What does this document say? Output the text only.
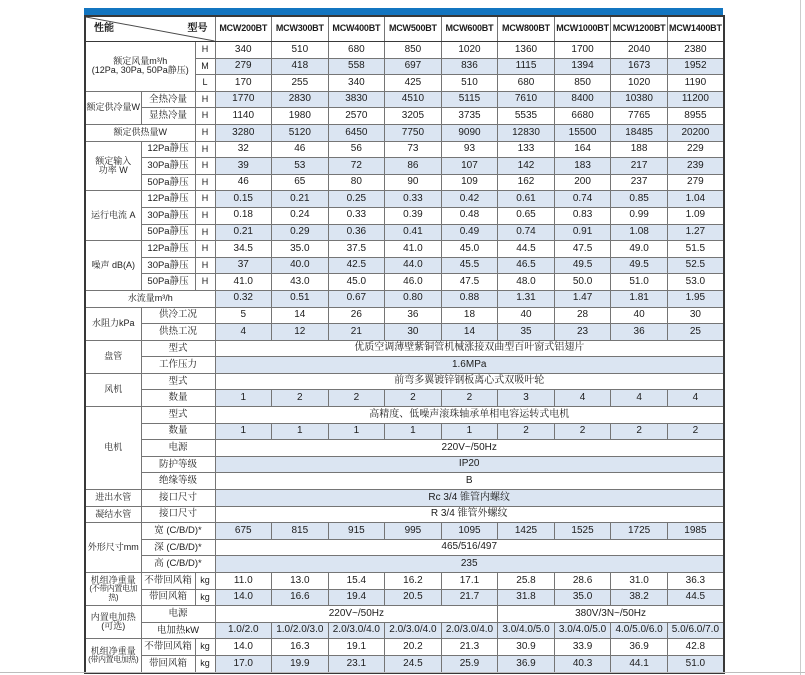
性能 型号			MCW200BT	MCW300BT	MCW400BT	MCW500BT	MCW600BT	MCW800BT	MCW1000BT	MCW1200BT	MCW1400BT

额定风量m³/h
(12Pa, 30Pa, 50Pa静压)		H	340	510	680	850	1020	1360	1700	2040	2380
		M	279	418	558	697	836	1115	1394	1673	1952
		L	170	255	340	425	510	680	850	1020	1190

额定供冷量W	全热冷量	H	1770	2830	3830	4510	5115	7610	8400	10380	11200
	显热冷量	H	1140	1980	2570	3205	3735	5535	6680	7765	8955

额定供热量W		H	3280	5120	6450	7750	9090	12830	15500	18485	20200

额定输入
功率 W	12Pa静压	H	32	46	56	73	93	133	164	188	229
	30Pa静压	H	39	53	72	86	107	142	183	217	239
	50Pa静压	H	46	65	80	90	109	162	200	237	279

运行电流 A	12Pa静压	H	0.15	0.21	0.25	0.33	0.42	0.61	0.74	0.85	1.04
	30Pa静压	H	0.18	0.24	0.33	0.39	0.48	0.65	0.83	0.99	1.09
	50Pa静压	H	0.21	0.29	0.36	0.41	0.49	0.74	0.91	1.08	1.27

噪声 dB(A)	12Pa静压	H	34.5	35.0	37.5	41.0	45.0	44.5	47.5	49.0	51.5
	30Pa静压	H	37	40.0	42.5	44.0	45.5	46.5	49.5	49.5	52.5
	50Pa静压	H	41.0	43.0	45.0	46.0	47.5	48.0	50.0	51.0	53.0

水流量m³/h			0.32	0.51	0.67	0.80	0.88	1.31	1.47	1.81	1.95

水阻力kPa	供冷工况		5	14	26	36	18	40	28	40	30
	供热工况		4	12	21	30	14	35	23	36	25

盘管	型式		优质空调薄壁紫铜管机械涨接双曲型百叶窗式铝翅片								
	工作压力		1.6MPa								

风机	型式		前弯多翼镀锌钢板离心式双吸叶轮								
	数量		1	2	2	2	2	3	4	4	4

电机	型式		高精度、低噪声滚珠轴承单相电容运转式电机								
	数量		1	1	1	1	1	2	2	2	2
	电源		220V~/50Hz								
	防护等级		IP20								
	绝缘等级		B								

进出水管	接口尺寸		Rc 3/4 锥管内螺纹								

凝结水管	接口尺寸		R 3/4 锥管外螺纹								

外形尺寸mm	宽 (C/B/D)*		675	815	915	995	1095	1425	1525	1725	1985
	深 (C/B/D)*		465/516/497								
	高 (C/B/D)*		235								

机组净重量
(不带内置电加热)	不带回风箱	kg	11.0	13.0	15.4	16.2	17.1	25.8	28.6	31.0	36.3
	带回风箱	kg	14.0	16.6	19.4	20.5	21.7	31.8	35.0	38.2	44.5

内置电加热
(可选)	电源		220V~/50Hz					380V/3N~/50Hz			
	电加热kW		1.0/2.0	1.0/2.0/3.0	2.0/3.0/4.0	2.0/3.0/4.0	2.0/3.0/4.0	3.0/4.0/5.0	3.0/4.0/5.0	4.0/5.0/6.0	5.0/6.0/7.0

机组净重量
(带内置电加热)	不带回风箱	kg	14.0	16.3	19.1	20.2	21.3	30.9	33.9	36.9	42.8
	带回风箱	kg	17.0	19.9	23.1	24.5	25.9	36.9	40.3	44.1	51.0
